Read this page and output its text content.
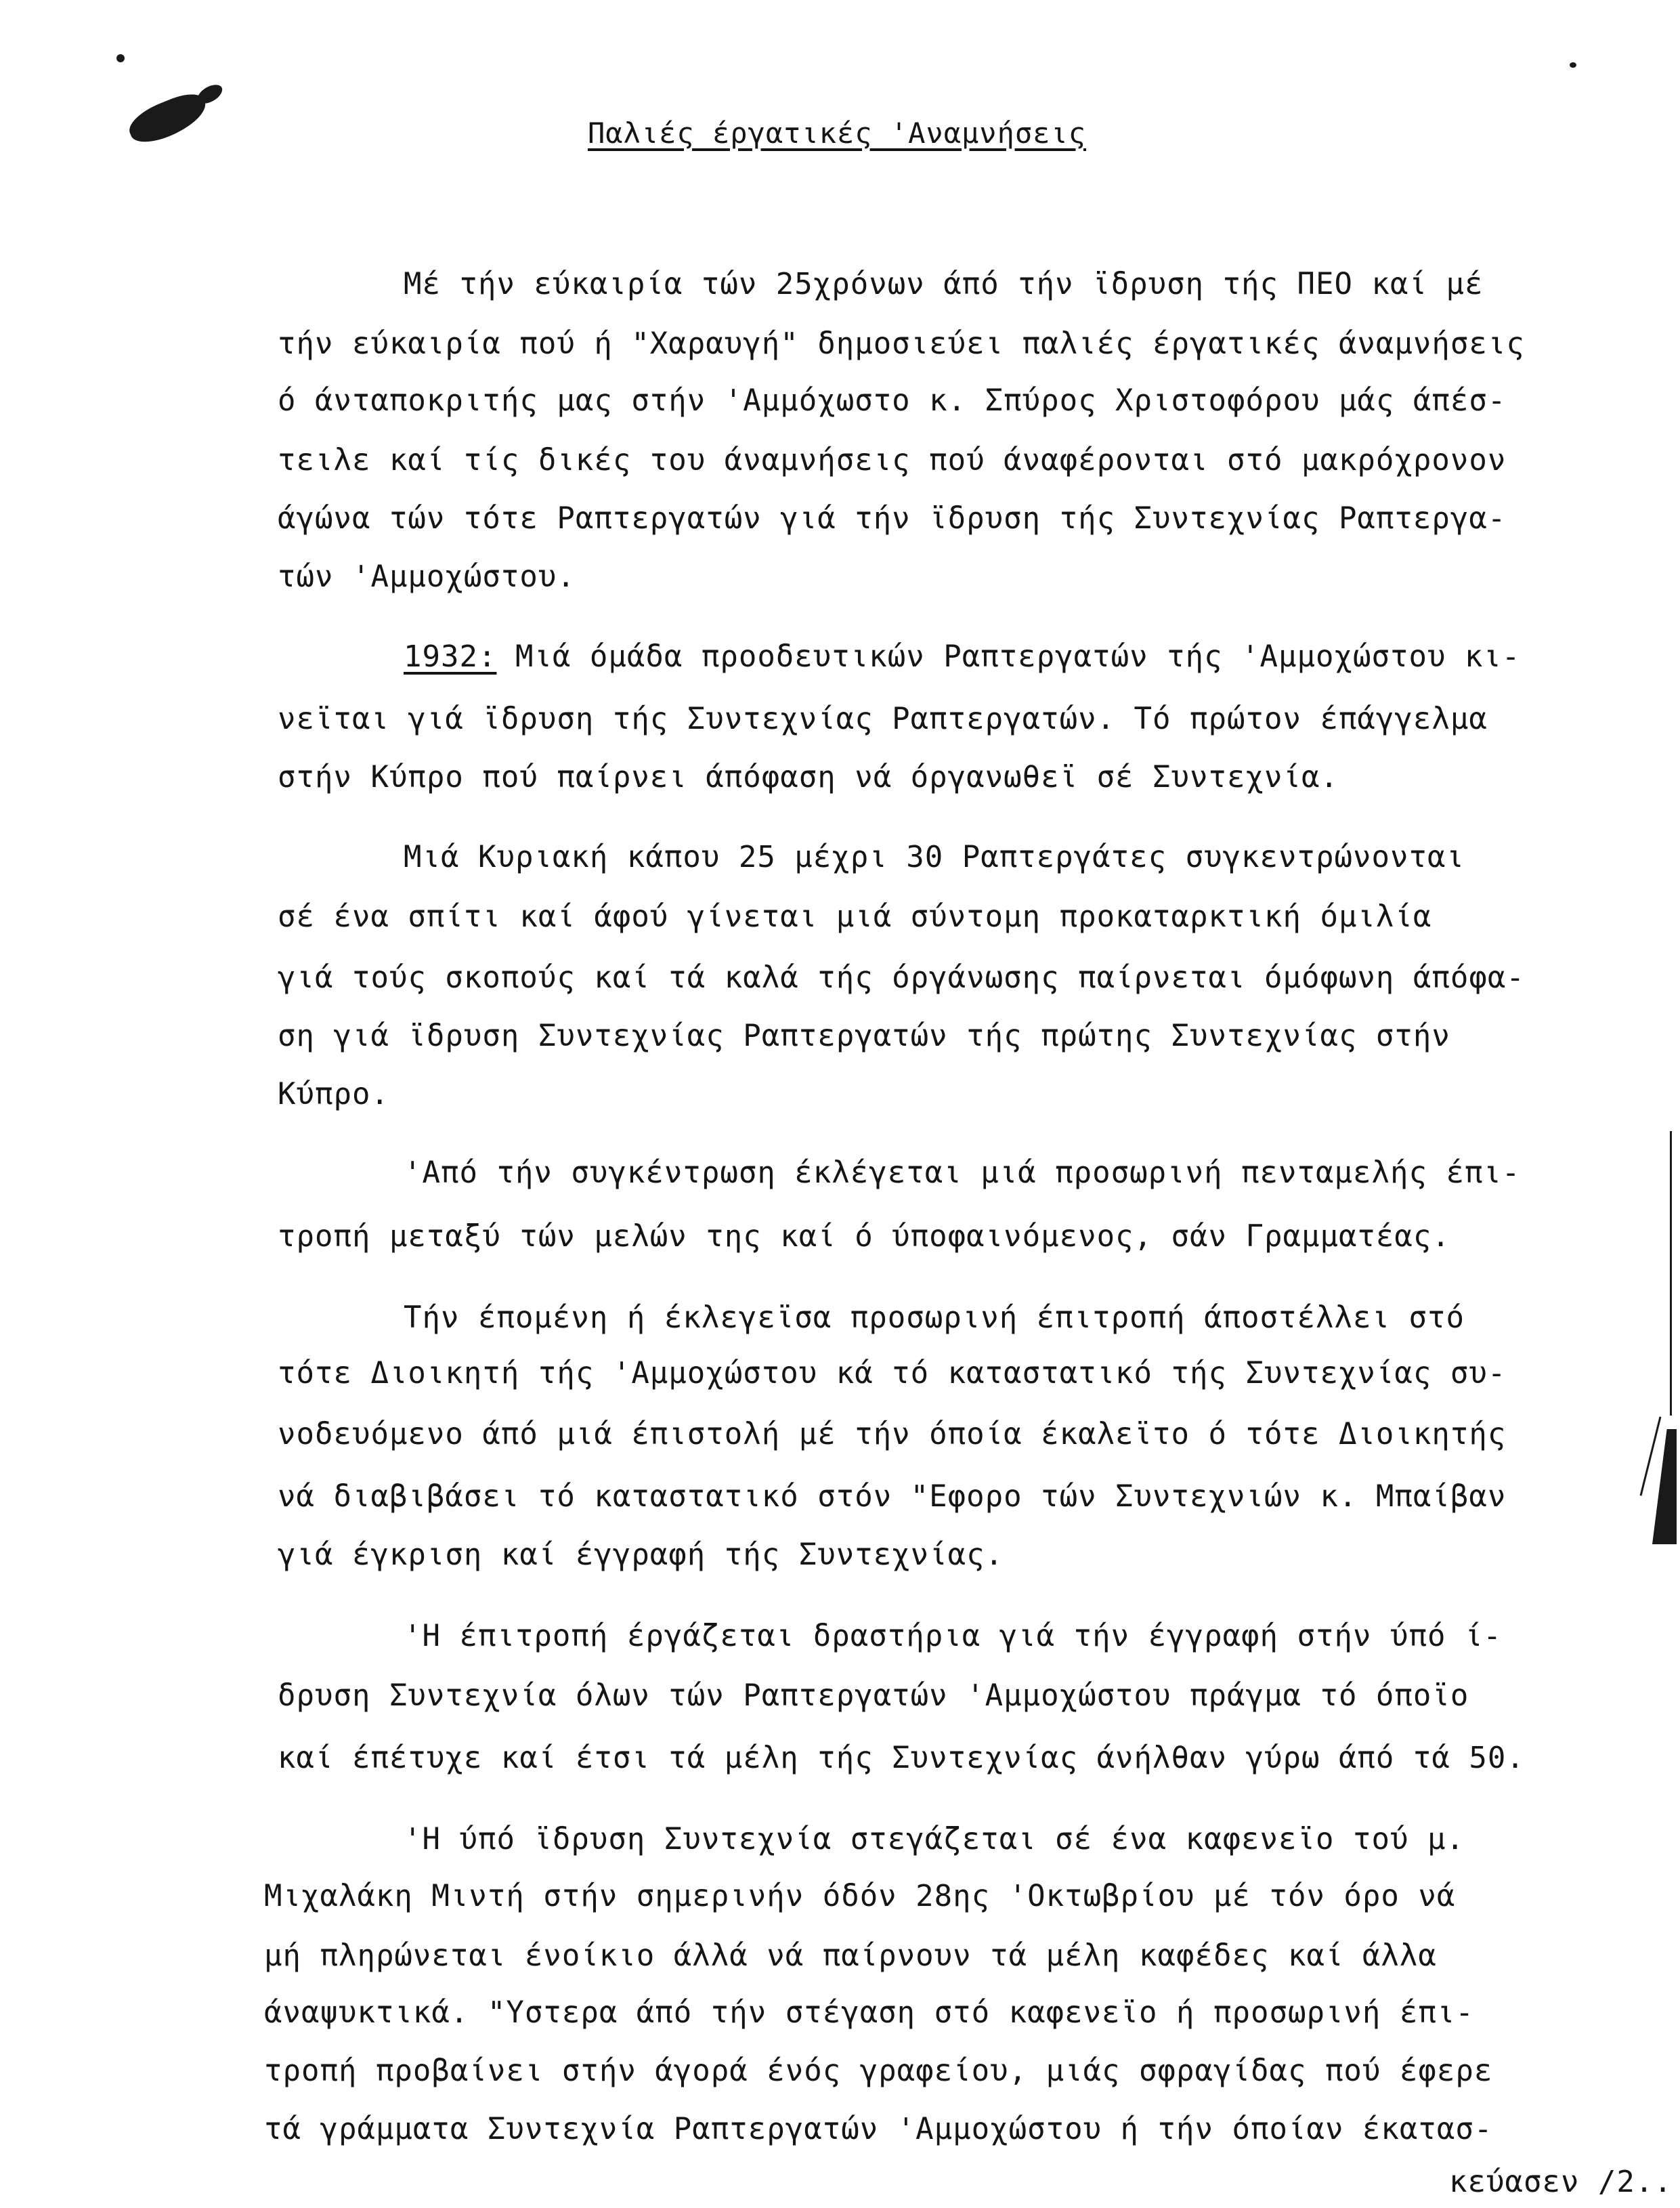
Παλιές έργατικές 'Αναμνήσεις
Μέ τήν εύκαιρία τών 25χρόνων άπό τήν ϊδρυση τής ΠΕΟ καί μέ
τήν εύκαιρία πού ή "Χαραυγή" δημοσιεύει παλιές έργατικές άναμνήσεις
ό άνταποκριτής μας στήν 'Αμμόχωστο κ. Σπύρος Χριστοφόρου μάς άπέσ-
τειλε καί τίς δικές του άναμνήσεις πού άναφέρονται στό μακρόχρονον
άγώνα τών τότε Ραπτεργατών γιά τήν ϊδρυση τής Συντεχνίας Ραπτεργα-
τών 'Αμμοχώστου.
1932: Μιά όμάδα προοδευτικών Ραπτεργατών τής 'Αμμοχώστου κι-
νεϊται γιά ϊδρυση τής Συντεχνίας Ραπτεργατών. Τό πρώτον έπάγγελμα
στήν Κύπρο πού παίρνει άπόφαση νά όργανωθεϊ σέ Συντεχνία.
Μιά Κυριακή κάπου 25 μέχρι 30 Ραπτεργάτες συγκεντρώνονται
σέ ένα σπίτι καί άφού γίνεται μιά σύντομη προκαταρκτική όμιλία
γιά τούς σκοπούς καί τά καλά τής όργάνωσης παίρνεται όμόφωνη άπόφα-
ση γιά ϊδρυση Συντεχνίας Ραπτεργατών τής πρώτης Συντεχνίας στήν
Κύπρο.
'Από τήν συγκέντρωση έκλέγεται μιά προσωρινή πενταμελής έπι-
τροπή μεταξύ τών μελών της καί ό ύποφαινόμενος, σάν Γραμματέας.
Τήν έπομένη ή έκλεγεϊσα προσωρινή έπιτροπή άποστέλλει στό
τότε Διοικητή τής 'Αμμοχώστου κά τό καταστατικό τής Συντεχνίας συ-
νοδευόμενο άπό μιά έπιστολή μέ τήν όποία έκαλεϊτο ό τότε Διοικητής
νά διαβιβάσει τό καταστατικό στόν "Εφορο τών Συντεχνιών κ. Μπαίβαν
γιά έγκριση καί έγγραφή τής Συντεχνίας.
'Η έπιτροπή έργάζεται δραστήρια γιά τήν έγγραφή στήν ύπό ί-
δρυση Συντεχνία όλων τών Ραπτεργατών 'Αμμοχώστου πράγμα τό όποϊο
καί έπέτυχε καί έτσι τά μέλη τής Συντεχνίας άνήλθαν γύρω άπό τά 50.
'Η ύπό ϊδρυση Συντεχνία στεγάζεται σέ ένα καφενεϊο τού μ.
Μιχαλάκη Μιντή στήν σημερινήν όδόν 28ης 'Οκτωβρίου μέ τόν όρο νά
μή πληρώνεται ένοίκιο άλλά νά παίρνουν τά μέλη καφέδες καί άλλα
άναψυκτικά. "Υστερα άπό τήν στέγαση στό καφενεϊο ή προσωρινή έπι-
τροπή προβαίνει στήν άγορά ένός γραφείου, μιάς σφραγίδας πού έφερε
τά γράμματα Συντεχνία Ραπτεργατών 'Αμμοχώστου ή τήν όποίαν έκατασ-
κεύασεν /2..
